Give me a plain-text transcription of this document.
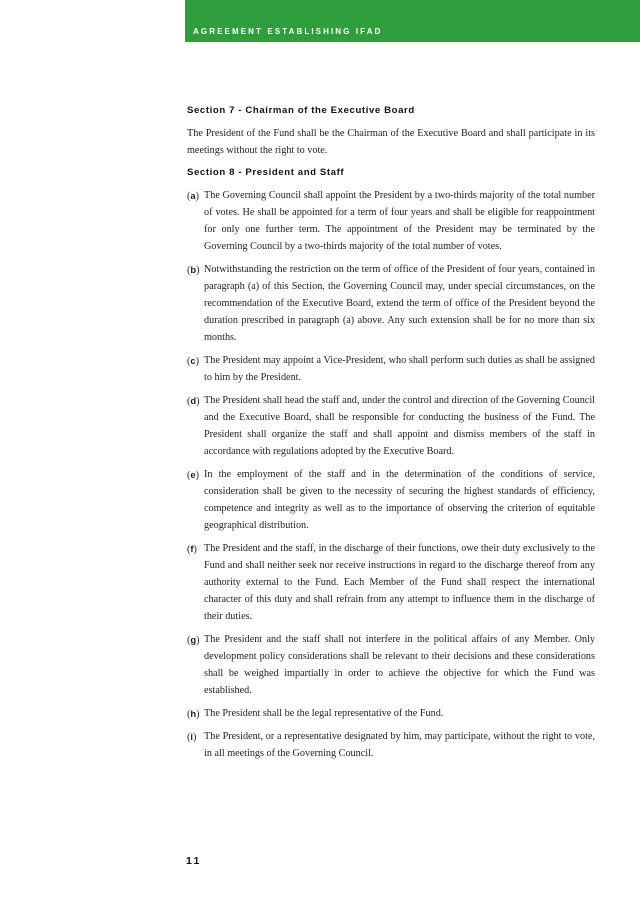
AGREEMENT ESTABLISHING IFAD
Section 7 - Chairman of the Executive Board

The President of the Fund shall be the Chairman of the Executive Board and shall participate in its meetings without the right to vote.

Section 8 - President and Staff
(a) The Governing Council shall appoint the President by a two-thirds majority of the total number of votes. He shall be appointed for a term of four years and shall be eligible for reappointment for only one further term. The appointment of the President may be terminated by the Governing Council by a two-thirds majority of the total number of votes.
(b) Notwithstanding the restriction on the term of office of the President of four years, contained in paragraph (a) of this Section, the Governing Council may, under special circumstances, on the recommendation of the Executive Board, extend the term of office of the President beyond the duration prescribed in paragraph (a) above. Any such extension shall be for no more than six months.
(c) The President may appoint a Vice-President, who shall perform such duties as shall be assigned to him by the President.
(d) The President shall head the staff and, under the control and direction of the Governing Council and the Executive Board, shall be responsible for conducting the business of the Fund. The President shall organize the staff and shall appoint and dismiss members of the staff in accordance with regulations adopted by the Executive Board.
(e) In the employment of the staff and in the determination of the conditions of service, consideration shall be given to the necessity of securing the highest standards of efficiency, competence and integrity as well as to the importance of observing the criterion of equitable geographical distribution.
(f) The President and the staff, in the discharge of their functions, owe their duty exclusively to the Fund and shall neither seek nor receive instructions in regard to the discharge thereof from any authority external to the Fund. Each Member of the Fund shall respect the international character of this duty and shall refrain from any attempt to influence them in the discharge of their duties.
(g) The President and the staff shall not interfere in the political affairs of any Member. Only development policy considerations shall be relevant to their decisions and these considerations shall be weighed impartially in order to achieve the objective for which the Fund was established.
(h) The President shall be the legal representative of the Fund.
(i) The President, or a representative designated by him, may participate, without the right to vote, in all meetings of the Governing Council.
11
